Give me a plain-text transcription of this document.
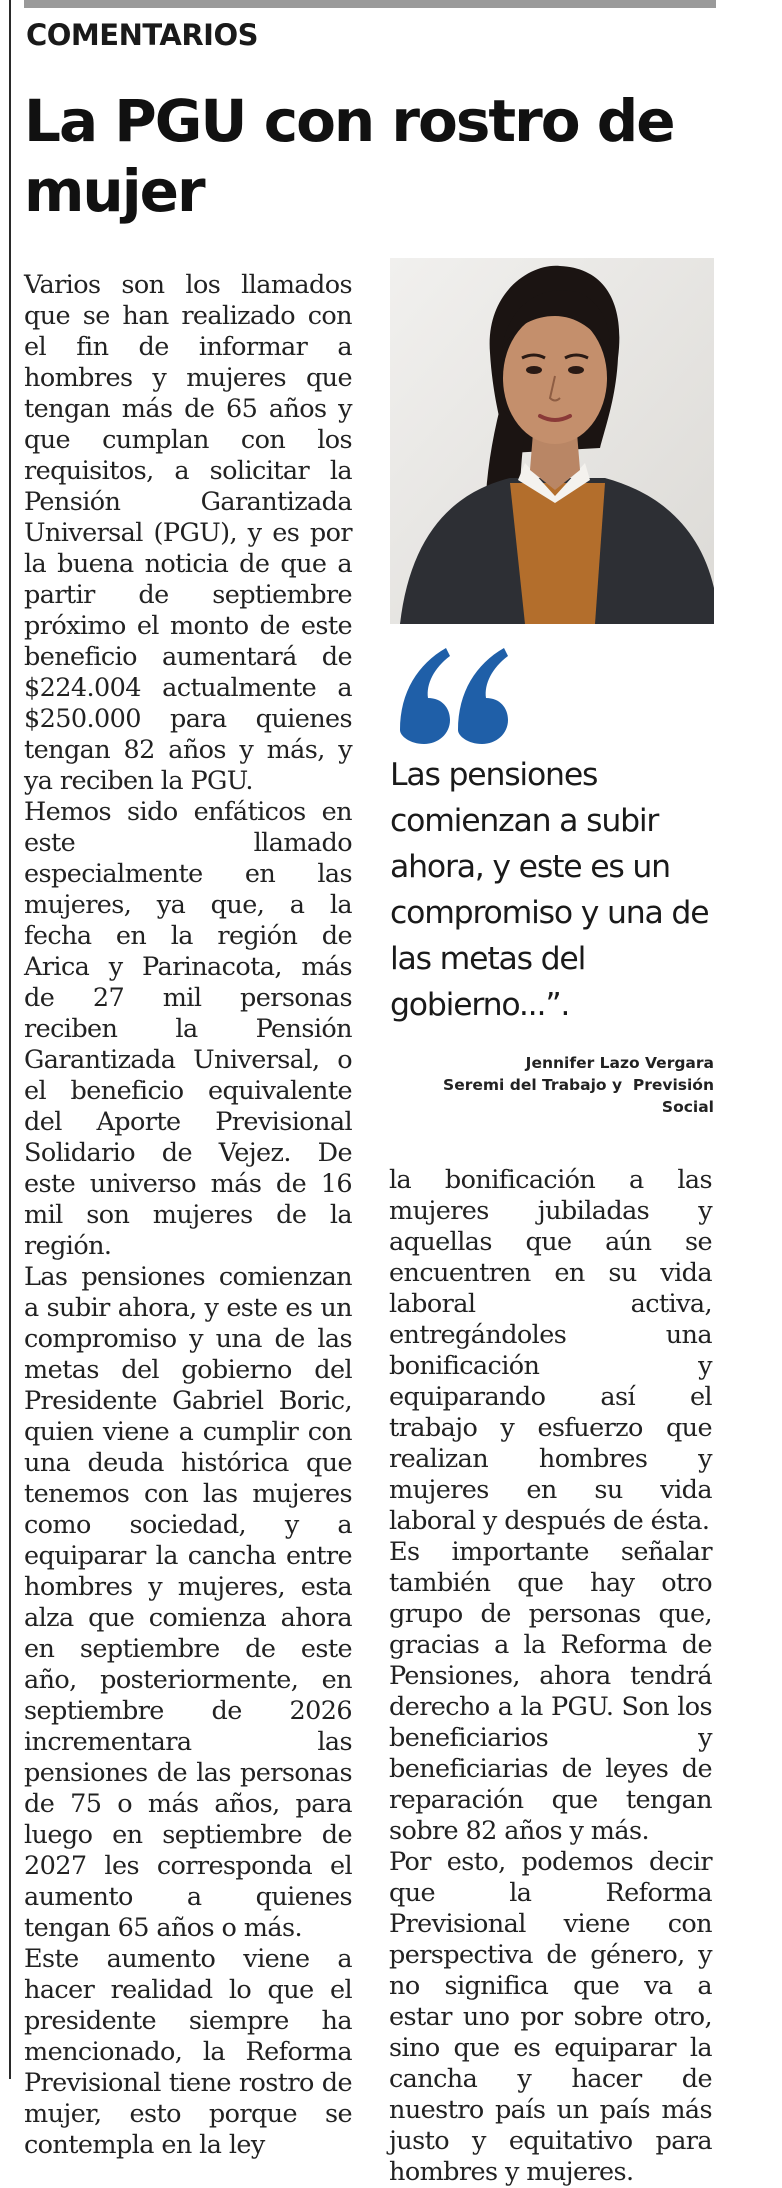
COMENTARIOS
La PGU con rostro de mujer

Varios son los llamados que se han realizado con el fin de informar a hombres y mujeres que tengan más de 65 años y que cumplan con los requisitos, a solicitar la Pensión Garantizada Universal (PGU), y es por la buena noticia de que a partir de septiembre próximo el monto de este beneficio aumentará de $224.004 actualmente a $250.000 para quienes tengan 82 años y más, y ya reciben la PGU.

Hemos sido enfáticos en este llamado especialmente en las mujeres, ya que, a la fecha en la región de Arica y Parinacota, más de 27 mil personas reciben la Pensión Garantizada Universal, o el beneficio equivalente del Aporte Previsional Solidario de Vejez. De este universo más de 16 mil son mujeres de la región.

Las pensiones comienzan a subir ahora, y este es un compromiso y una de las metas del gobierno del Presidente Gabriel Boric, quien viene a cumplir con una deuda histórica que tenemos con las mujeres como sociedad, y a equiparar la cancha entre hombres y mujeres, esta alza que comienza ahora en septiembre de este año, posteriormente, en septiembre de 2026 incrementara las pensiones de las personas de 75 o más años, para luego en septiembre de 2027 les corresponda el aumento a quienes tengan 65 años o más.

Este aumento viene a hacer realidad lo que el presidente siempre ha mencionado, la Reforma Previsional tiene rostro de mujer, esto porque se contempla en la ley

Las pensiones comienzan a subir ahora, y este es un compromiso y una de las metas del gobierno...”.

Jennifer Lazo Vergara
Seremi del Trabajo y  Previsión
Social

la bonificación a las mujeres jubiladas y aquellas que aún se encuentren en su vida laboral activa, entregándoles una bonificación y equiparando así el trabajo y esfuerzo que realizan hombres y mujeres en su vida laboral y después de ésta.

Es importante señalar también que hay otro grupo de personas que, gracias a la Reforma de Pensiones, ahora tendrá derecho a la PGU. Son los beneficiarios y beneficiarias de leyes de reparación que tengan sobre 82 años y más.

Por esto, podemos decir que la Reforma Previsional viene con perspectiva de género, y no significa que va a estar uno por sobre otro, sino que es equiparar la cancha y hacer de nuestro país un país más justo y equitativo para hombres y mujeres.
